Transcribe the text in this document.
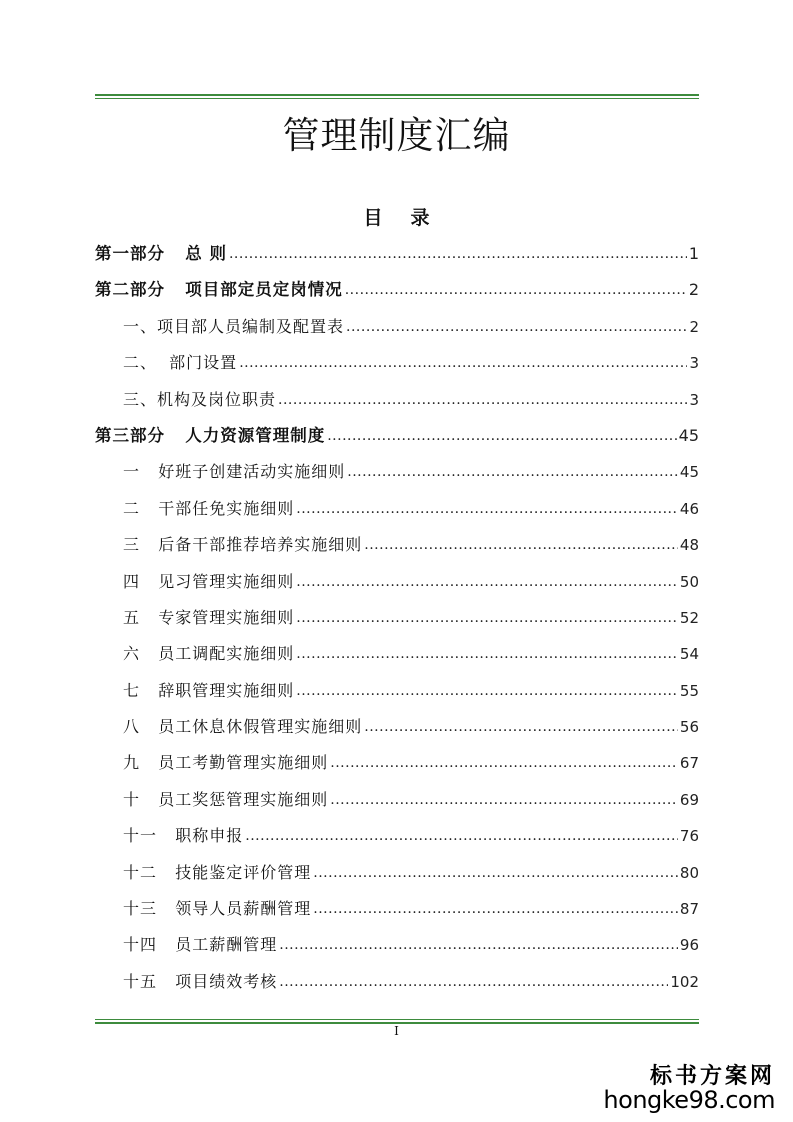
管理制度汇编
目录
第一部分   总 则 .....	1
第二部分   项目部定员定岗情况 .....	2
一、项目部人员编制及配置表 .....	2
二、  部门设置 .....	3
三、机构及岗位职责 .....	3
第三部分   人力资源管理制度 .....	45
一   好班子创建活动实施细则 .....	45
二   干部任免实施细则 .....	46
三   后备干部推荐培养实施细则 .....	48
四   见习管理实施细则 .....	50
五   专家管理实施细则 .....	52
六   员工调配实施细则 .....	54
七   辞职管理实施细则 .....	55
八   员工休息休假管理实施细则 .....	56
九   员工考勤管理实施细则 .....	67
十   员工奖惩管理实施细则 .....	69
十一   职称申报 .....	76
十二   技能鉴定评价管理 .....	80
十三   领导人员薪酬管理 .....	87
十四   员工薪酬管理 .....	96
十五   项目绩效考核 .....	102
I
标书方案网
hongke98.com
